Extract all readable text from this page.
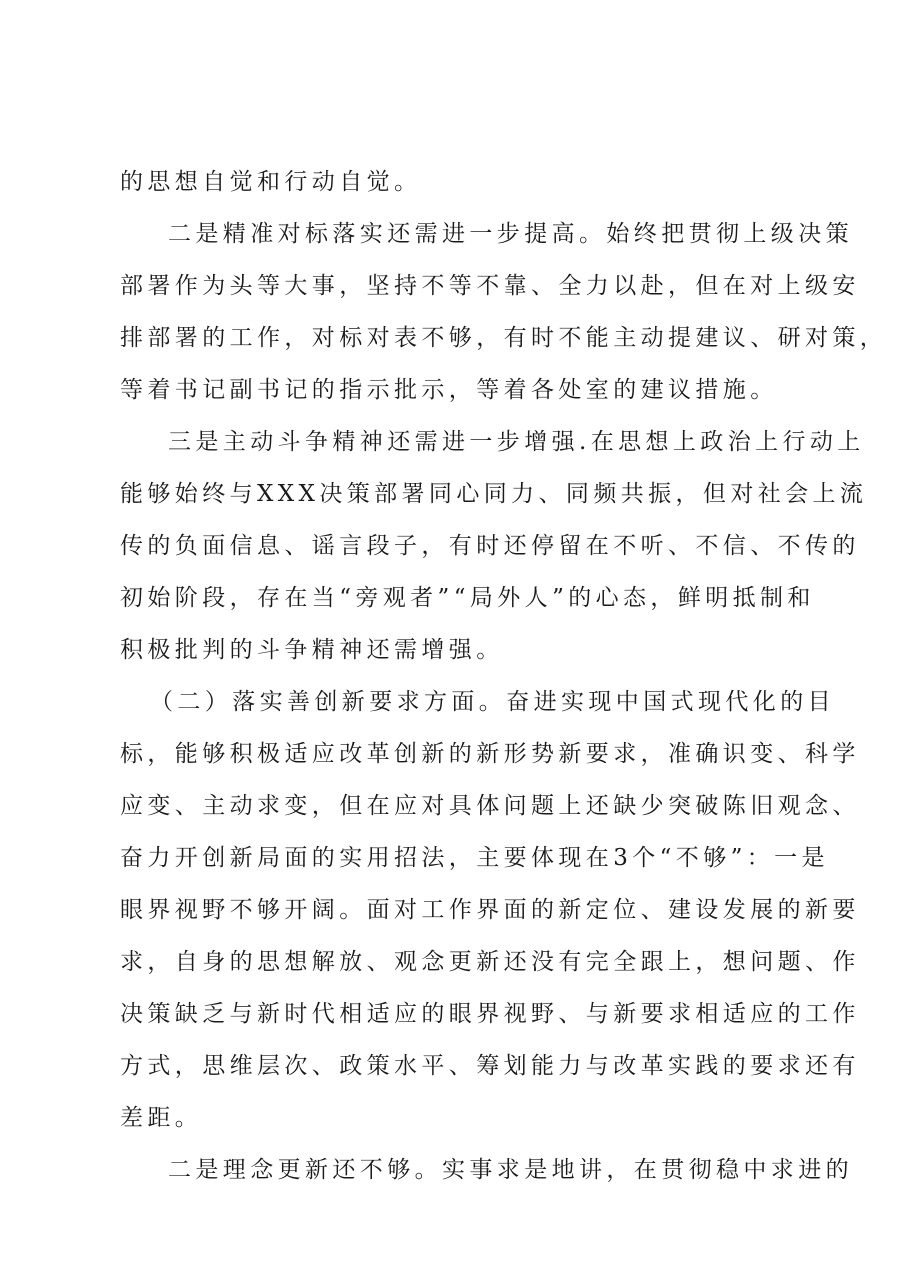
的思想自觉和行动自觉。
二是精准对标落实还需进一步提高。始终把贯彻上级决策
部署作为头等大事，坚持不等不靠、全力以赴，但在对上级安
排部署的工作，对标对表不够，有时不能主动提建议、研对策，
等着书记副书记的指示批示，等着各处室的建议措施。
三是主动斗争精神还需进一步增强.在思想上政治上行动上
能够始终与XXX决策部署同心同力、同频共振，但对社会上流
传的负面信息、谣言段子，有时还停留在不听、不信、不传的
初始阶段，存在当“旁观者”“局外人”的心态，鲜明抵制和
积极批判的斗争精神还需增强。
（二）落实善创新要求方面。奋进实现中国式现代化的目
标，能够积极适应改革创新的新形势新要求，准确识变、科学
应变、主动求变，但在应对具体问题上还缺少突破陈旧观念、
奋力开创新局面的实用招法，主要体现在3个“不够”：一是
眼界视野不够开阔。面对工作界面的新定位、建设发展的新要
求，自身的思想解放、观念更新还没有完全跟上，想问题、作
决策缺乏与新时代相适应的眼界视野、与新要求相适应的工作
方式，思维层次、政策水平、筹划能力与改革实践的要求还有
差距。
二是理念更新还不够。实事求是地讲，在贯彻稳中求进的
